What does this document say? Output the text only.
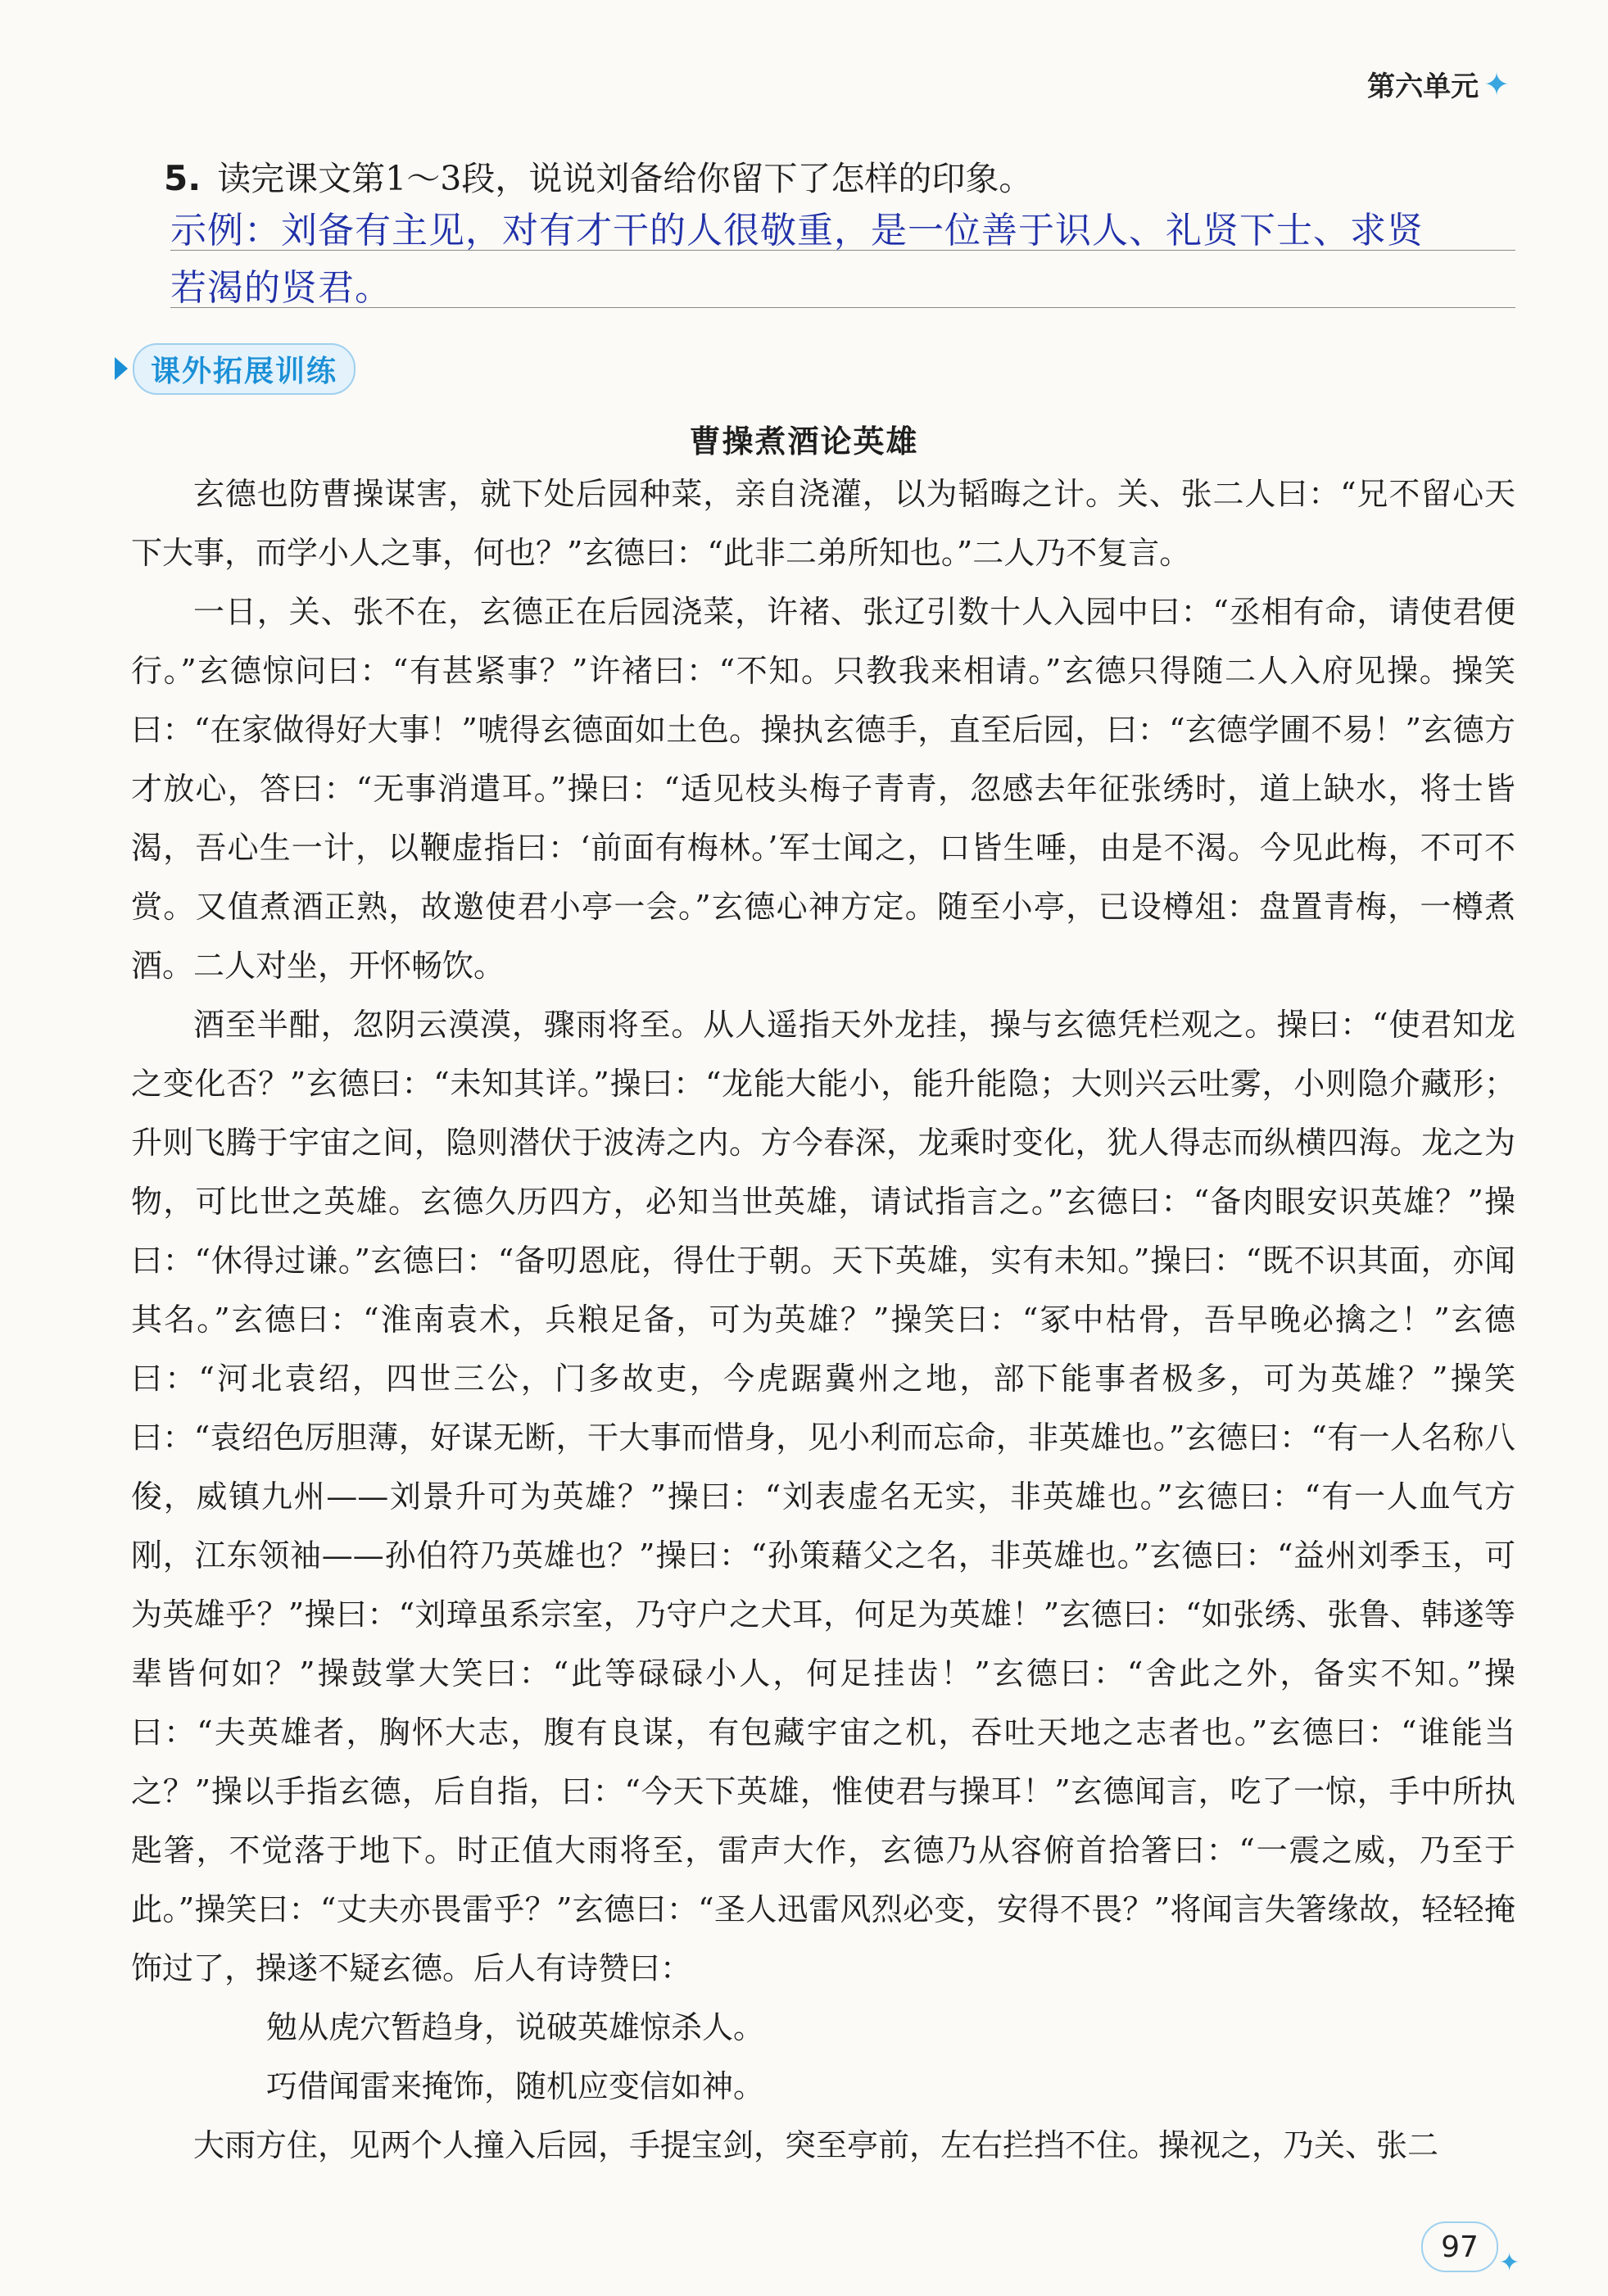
第六单元 ✦
5. 读完课文第1～3段，说说刘备给你留下了怎样的印象。
示例：刘备有主见，对有才干的人很敬重，是一位善于识人、礼贤下士、求贤
若渴的贤君。
课外拓展训练
曹操煮酒论英雄
玄德也防曹操谋害，就下处后园种菜，亲自浇灌，以为韬晦之计。关、张二人曰：“兄不留心天下大事，而学小人之事，何也？”玄德曰：“此非二弟所知也。”二人乃不复言。
一日，关、张不在，玄德正在后园浇菜，许褚、张辽引数十人入园中曰：“丞相有命，请使君便行。”玄德惊问曰：“有甚紧事？”许褚曰：“不知。只教我来相请。”玄德只得随二人入府见操。操笑曰：“在家做得好大事！”唬得玄德面如土色。操执玄德手，直至后园，曰：“玄德学圃不易！”玄德方才放心，答曰：“无事消遣耳。”操曰：“适见枝头梅子青青，忽感去年征张绣时，道上缺水，将士皆渴，吾心生一计，以鞭虚指曰：‘前面有梅林。’军士闻之，口皆生唾，由是不渴。今见此梅，不可不赏。又值煮酒正熟，故邀使君小亭一会。”玄德心神方定。随至小亭，已设樽俎：盘置青梅，一樽煮酒。二人对坐，开怀畅饮。
酒至半酣，忽阴云漠漠，骤雨将至。从人遥指天外龙挂，操与玄德凭栏观之。操曰：“使君知龙之变化否？”玄德曰：“未知其详。”操曰：“龙能大能小，能升能隐；大则兴云吐雾，小则隐介藏形；升则飞腾于宇宙之间，隐则潜伏于波涛之内。方今春深，龙乘时变化，犹人得志而纵横四海。龙之为物，可比世之英雄。玄德久历四方，必知当世英雄，请试指言之。”玄德曰：“备肉眼安识英雄？”操曰：“休得过谦。”玄德曰：“备叨恩庇，得仕于朝。天下英雄，实有未知。”操曰：“既不识其面，亦闻其名。”玄德曰：“淮南袁术，兵粮足备，可为英雄？”操笑曰：“冢中枯骨，吾早晚必擒之！”玄德曰：“河北袁绍，四世三公，门多故吏，今虎踞冀州之地，部下能事者极多，可为英雄？”操笑曰：“袁绍色厉胆薄，好谋无断，干大事而惜身，见小利而忘命，非英雄也。”玄德曰：“有一人名称八俊，威镇九州——刘景升可为英雄？”操曰：“刘表虚名无实，非英雄也。”玄德曰：“有一人血气方刚，江东领袖——孙伯符乃英雄也？”操曰：“孙策藉父之名，非英雄也。”玄德曰：“益州刘季玉，可为英雄乎？”操曰：“刘璋虽系宗室，乃守户之犬耳，何足为英雄！”玄德曰：“如张绣、张鲁、韩遂等辈皆何如？”操鼓掌大笑曰：“此等碌碌小人，何足挂齿！”玄德曰：“舍此之外，备实不知。”操曰：“夫英雄者，胸怀大志，腹有良谋，有包藏宇宙之机，吞吐天地之志者也。”玄德曰：“谁能当之？”操以手指玄德，后自指，曰：“今天下英雄，惟使君与操耳！”玄德闻言，吃了一惊，手中所执匙箸，不觉落于地下。时正值大雨将至，雷声大作，玄德乃从容俯首拾箸曰：“一震之威，乃至于此。”操笑曰：“丈夫亦畏雷乎？”玄德曰：“圣人迅雷风烈必变，安得不畏？”将闻言失箸缘故，轻轻掩饰过了，操遂不疑玄德。后人有诗赞曰：
勉从虎穴暂趋身，说破英雄惊杀人。
巧借闻雷来掩饰，随机应变信如神。
大雨方住，见两个人撞入后园，手提宝剑，突至亭前，左右拦挡不住。操视之，乃关、张二
97 ✦
